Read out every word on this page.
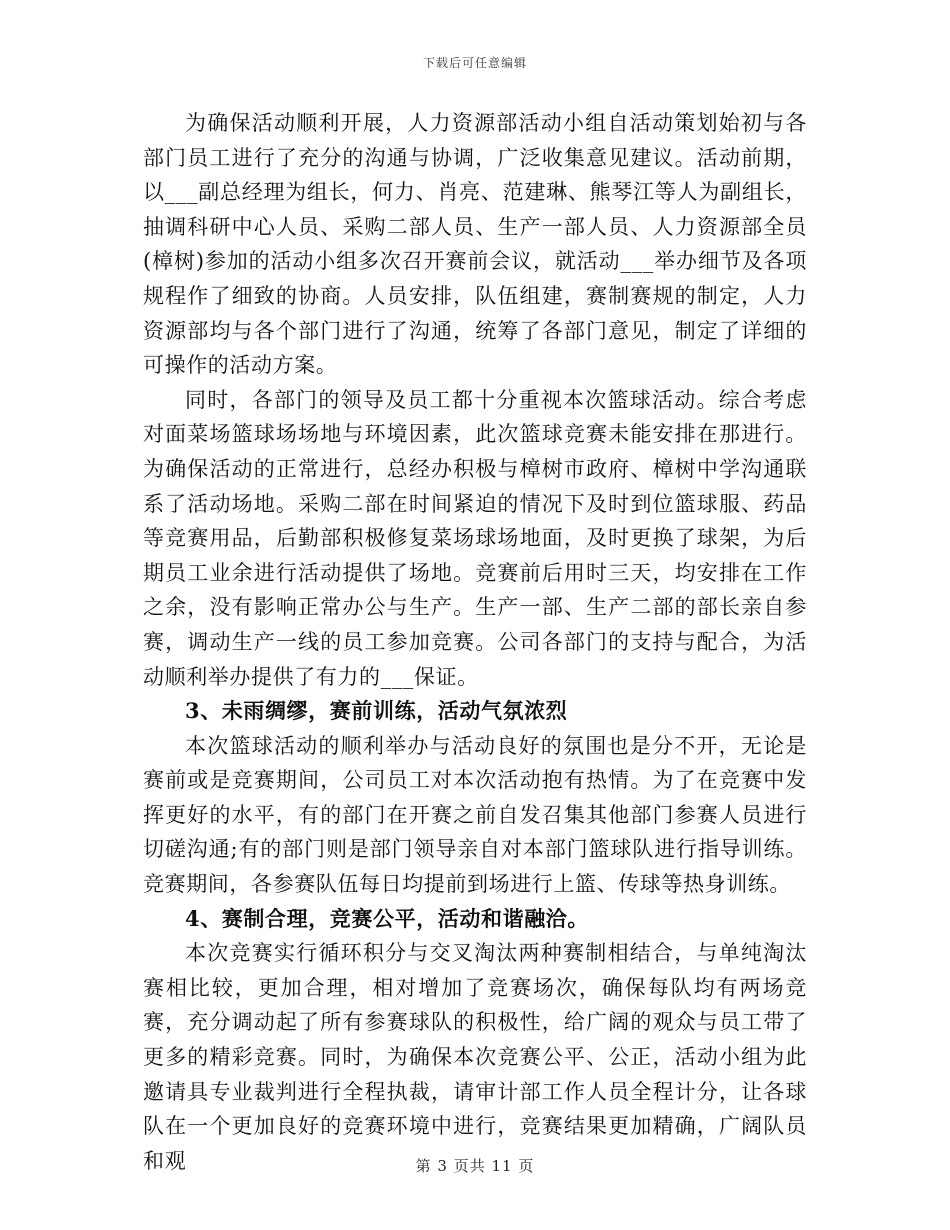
下载后可任意编辑

为确保活动顺利开展，人力资源部活动小组自活动策划始初与各部门员工进行了充分的沟通与协调，广泛收集意见建议。活动前期，以___副总经理为组长，何力、肖亮、范建琳、熊琴江等人为副组长，抽调科研中心人员、采购二部人员、生产一部人员、人力资源部全员(樟树)参加的活动小组多次召开赛前会议，就活动___举办细节及各项规程作了细致的协商。人员安排，队伍组建，赛制赛规的制定，人力资源部均与各个部门进行了沟通，统筹了各部门意见，制定了详细的可操作的活动方案。

同时，各部门的领导及员工都十分重视本次篮球活动。综合考虑对面菜场篮球场场地与环境因素，此次篮球竞赛未能安排在那进行。为确保活动的正常进行，总经办积极与樟树市政府、樟树中学沟通联系了活动场地。采购二部在时间紧迫的情况下及时到位篮球服、药品等竞赛用品，后勤部积极修复菜场球场地面，及时更换了球架，为后期员工业余进行活动提供了场地。竞赛前后用时三天，均安排在工作之余，没有影响正常办公与生产。生产一部、生产二部的部长亲自参赛，调动生产一线的员工参加竞赛。公司各部门的支持与配合，为活动顺利举办提供了有力的___保证。

3、未雨绸缪，赛前训练，活动气氛浓烈

本次篮球活动的顺利举办与活动良好的氛围也是分不开，无论是赛前或是竞赛期间，公司员工对本次活动抱有热情。为了在竞赛中发挥更好的水平，有的部门在开赛之前自发召集其他部门参赛人员进行切磋沟通;有的部门则是部门领导亲自对本部门篮球队进行指导训练。竞赛期间，各参赛队伍每日均提前到场进行上篮、传球等热身训练。

4、赛制合理，竞赛公平，活动和谐融洽。

本次竞赛实行循环积分与交叉淘汰两种赛制相结合，与单纯淘汰赛相比较，更加合理，相对增加了竞赛场次，确保每队均有两场竞赛，充分调动起了所有参赛球队的积极性，给广阔的观众与员工带了更多的精彩竞赛。同时，为确保本次竞赛公平、公正，活动小组为此邀请具专业裁判进行全程执裁，请审计部工作人员全程计分，让各球队在一个更加良好的竞赛环境中进行，竞赛结果更加精确，广阔队员和观	第 3 页共 11 页
